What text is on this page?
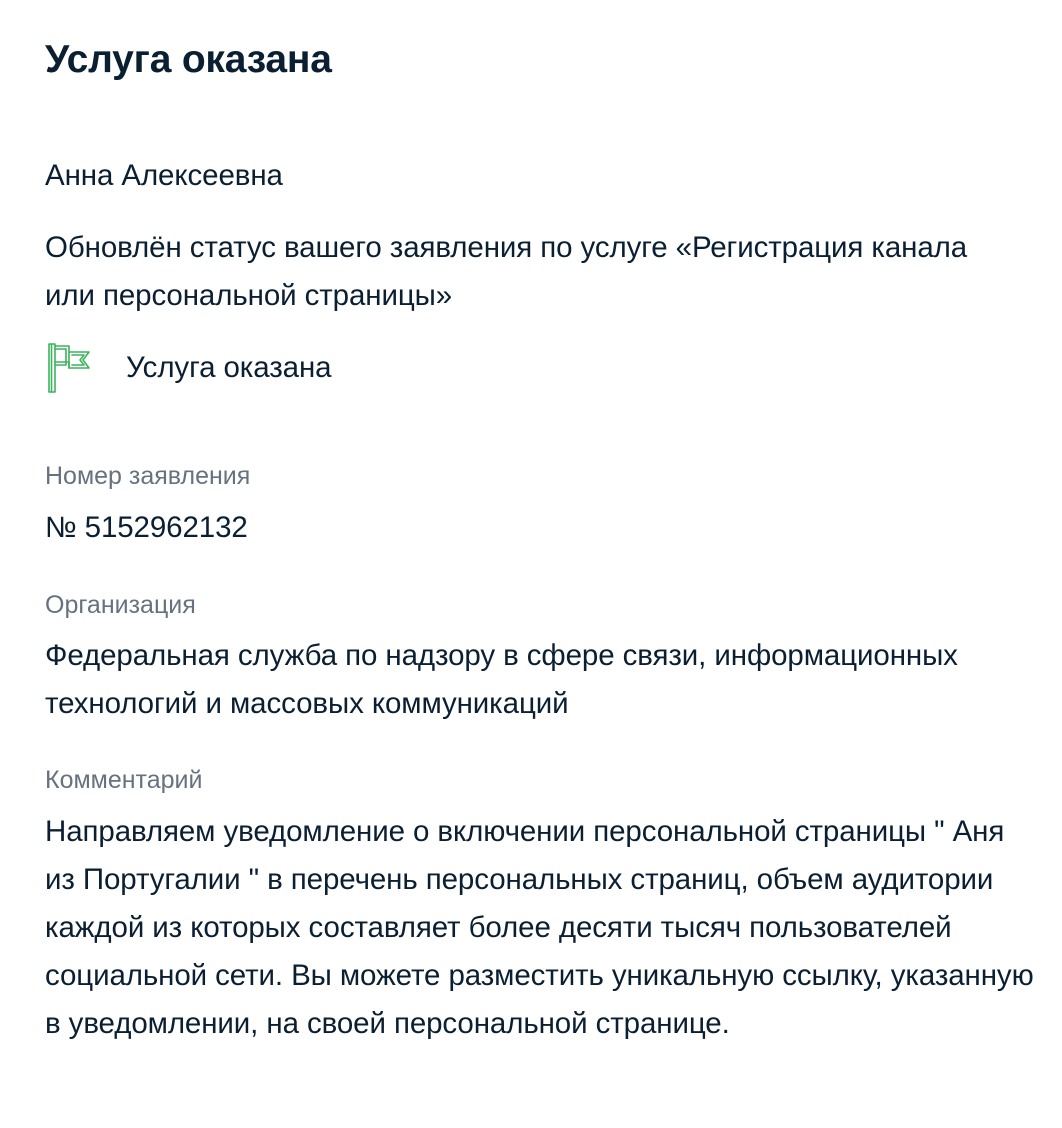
Услуга оказана
Анна Алексеевна
Обновлён статус вашего заявления по услуге «Регистрация канала или персональной страницы»
Услуга оказана
Номер заявления
№ 5152962132
Организация
Федеральная служба по надзору в сфере связи, информационных технологий и массовых коммуникаций
Комментарий
Направляем уведомление о включении персональной страницы " Аня из Португалии " в перечень персональных страниц, объем аудитории каждой из которых составляет более десяти тысяч пользователей социальной сети. Вы можете разместить уникальную ссылку, указанную в уведомлении, на своей персональной странице.
